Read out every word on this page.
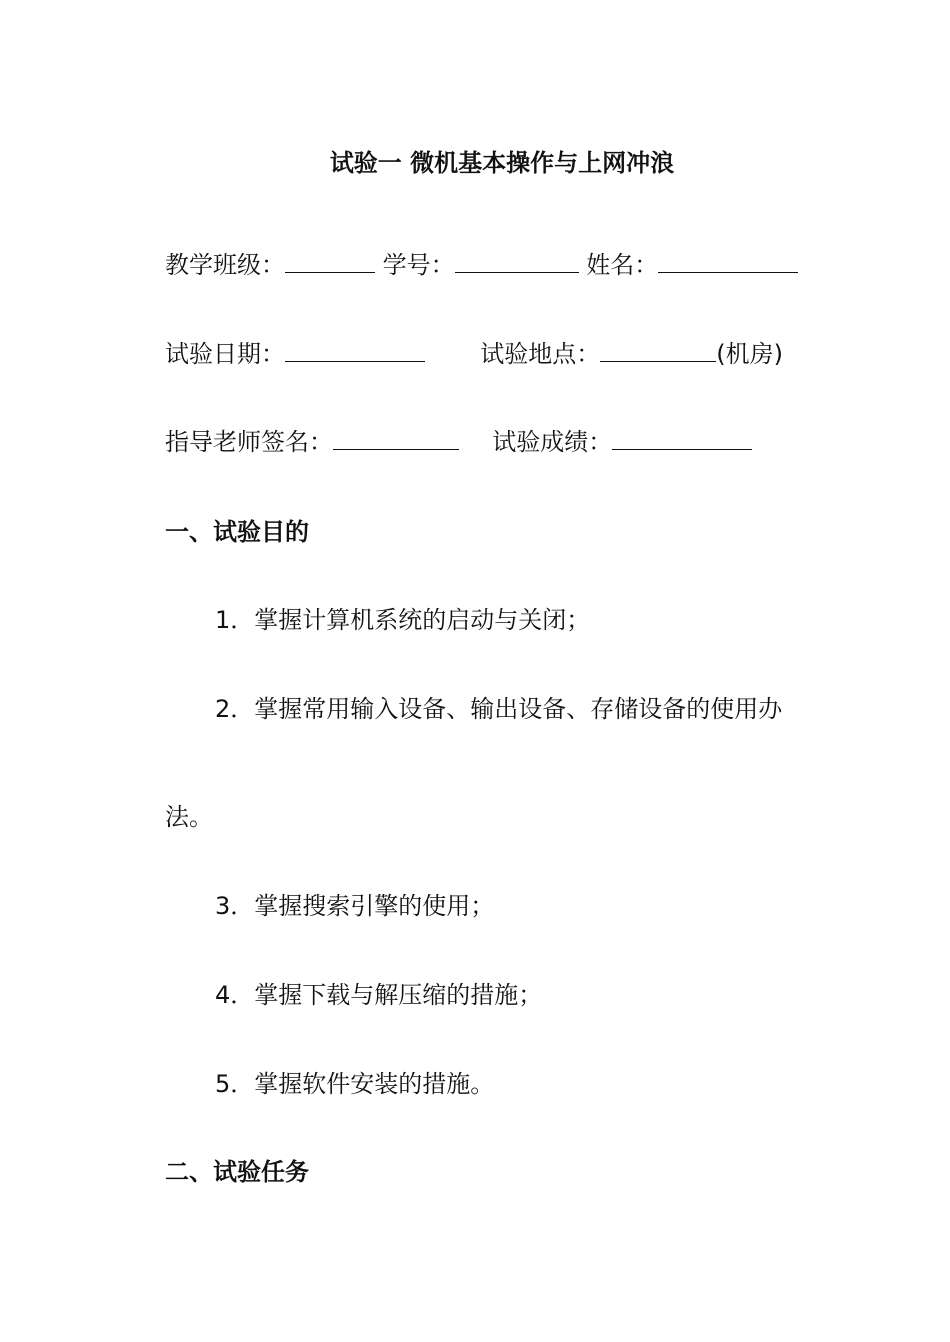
试验一 微机基本操作与上网冲浪
教学班级：	学号：	姓名：
试验日期：	试验地点：	(机房)
指导老师签名：	试验成绩：
一、试验目的
1．掌握计算机系统的启动与关闭；
2．掌握常用输入设备、输出设备、存储设备的使用办
法。
3．掌握搜索引擎的使用；
4．掌握下载与解压缩的措施；
5．掌握软件安装的措施。
二、试验任务
